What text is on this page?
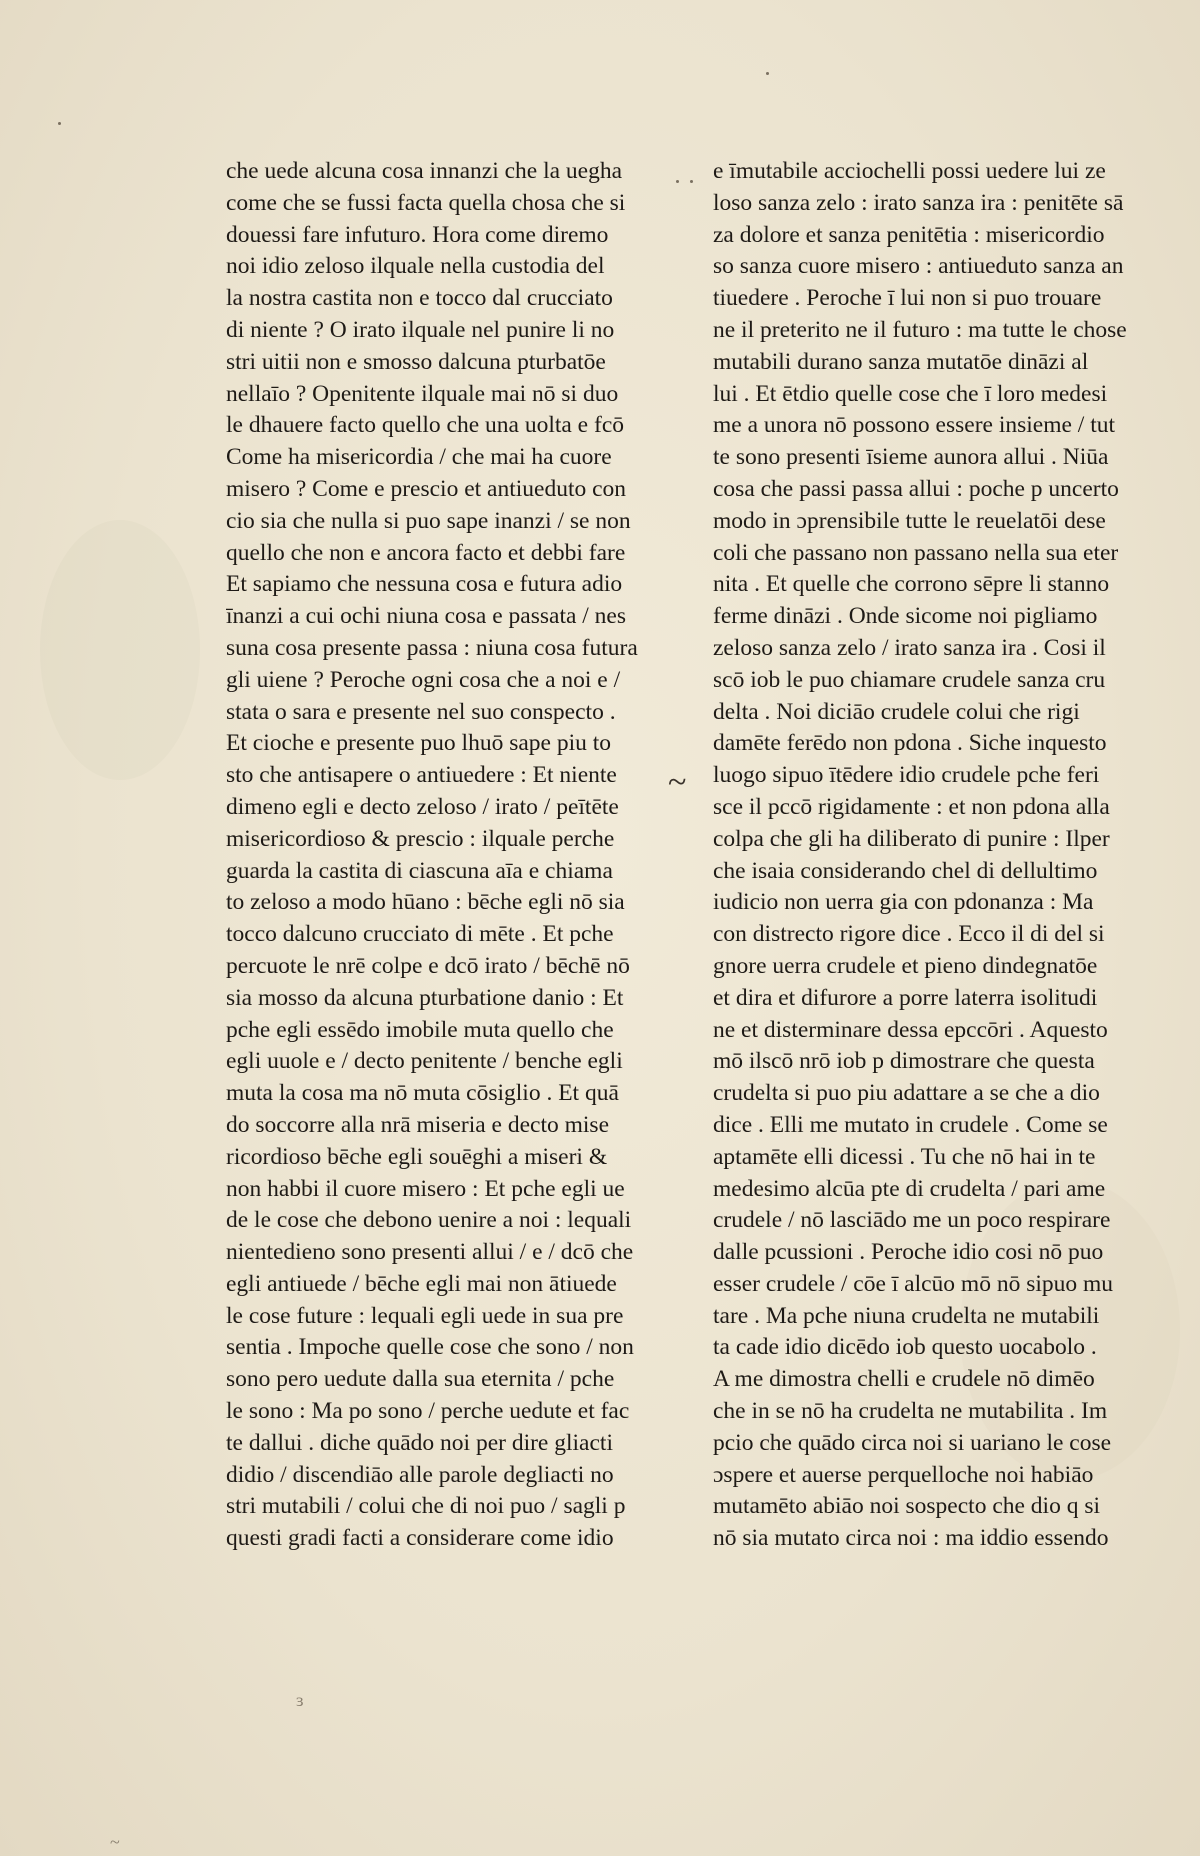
~
che uede alcuna cosa innanzi che la uegha
come che se fussi facta quella chosa che si
douessi fare infuturo. Hora come diremo
noi idio zeloso ilquale nella custodia del
la nostra castita non e tocco dal crucciato
di niente ? O irato ilquale nel punire li no
stri uitii non e smosso dalcuna pturbatōe
nellaīo ? Openitente ilquale mai nō si duo
le dhauere facto quello che una uolta e fcō
Come ha misericordia / che mai ha cuore
misero ? Come e prescio et antiueduto con
cio sia che nulla si puo sape inanzi / se non
quello che non e ancora facto et debbi fare
Et sapiamo che nessuna cosa e futura adio
īnanzi a cui ochi niuna cosa e passata / nes
suna cosa presente passa : niuna cosa futura
gli uiene ? Peroche ogni cosa che a noi e /
stata o sara e presente nel suo conspecto .
Et cioche e presente puo lhuō sape piu to
sto che antisapere o antiuedere : Et niente
dimeno egli e decto zeloso / irato / peītēte
misericordioso & prescio : ilquale perche
guarda la castita di ciascuna aīa e chiama
to zeloso a modo hūano : bēche egli nō sia
tocco dalcuno crucciato di mēte . Et pche
percuote le nrē colpe e dcō irato / bēchē nō
sia mosso da alcuna pturbatione danio : Et
pche egli essēdo imobile muta quello che
egli uuole e / decto penitente / benche egli
muta la cosa ma nō muta cōsiglio . Et quā
do soccorre alla nrā miseria e decto mise
ricordioso bēche egli souēghi a miseri &
non habbi il cuore misero : Et pche egli ue
de le cose che debono uenire a noi : lequali
nientedieno sono presenti allui / e / dcō che
egli antiuede / bēche egli mai non ātiuede
le cose future : lequali egli uede in sua pre
sentia . Impoche quelle cose che sono / non
sono pero uedute dalla sua eternita / pche
le sono : Ma po sono / perche uedute et fac
te dallui . diche quādo noi per dire gliacti
didio / discendiāo alle parole degliacti no
stri mutabili / colui che di noi puo / sagli p
questi gradi facti a considerare come idio
e īmutabile acciochelli possi uedere lui ze
loso sanza zelo : irato sanza ira : penitēte sā
za dolore et sanza penitētia : misericordio
so sanza cuore misero : antiueduto sanza an
tiuedere . Peroche ī lui non si puo trouare
ne il preterito ne il futuro : ma tutte le chose
mutabili durano sanza mutatōe dināzi al
lui . Et ētdio quelle cose che ī loro medesi
me a unora nō possono essere insieme / tut
te sono presenti īsieme aunora allui . Niūa
cosa che passi passa allui : poche p uncerto
modo in ɔprensibile tutte le reuelatōi dese
coli che passano non passano nella sua eter
nita . Et quelle che corrono sēpre li stanno
ferme dināzi . Onde sicome noi pigliamo
zeloso sanza zelo / irato sanza ira . Cosi il
scō iob le puo chiamare crudele sanza cru
delta . Noi diciāo crudele colui che rigi
damēte ferēdo non pdona . Siche inquesto
luogo sipuo ītēdere idio crudele pche feri
sce il pccō rigidamente : et non pdona alla
colpa che gli ha diliberato di punire : Ilper
che isaia considerando chel di dellultimo
iudicio non uerra gia con pdonanza : Ma
con distrecto rigore dice . Ecco il di del si
gnore uerra crudele et pieno dindegnatōe
et dira et difurore a porre laterra isolitudi
ne et disterminare dessa epccōri . Aquesto
mō ilscō nrō iob p dimostrare che questa
crudelta si puo piu adattare a se che a dio
dice . Elli me mutato in crudele . Come se
aptamēte elli dicessi . Tu che nō hai in te
medesimo alcūa pte di crudelta / pari ame
crudele / nō lasciādo me un poco respirare
dalle pcussioni . Peroche idio cosi nō puo
esser crudele / cōe ī alcūo mō nō sipuo mu
tare . Ma pche niuna crudelta ne mutabili
ta cade idio dicēdo iob questo uocabolo .
A me dimostra chelli e crudele nō dimēo
che in se nō ha crudelta ne mutabilita . Im
pcio che quādo circa noi si uariano le cose
ɔspere et auerse perquelloche noi habiāo
mutamēto abiāo noi sospecto che dio q si
nō sia mutato circa noi : ma iddio essendo
ɜ
~
